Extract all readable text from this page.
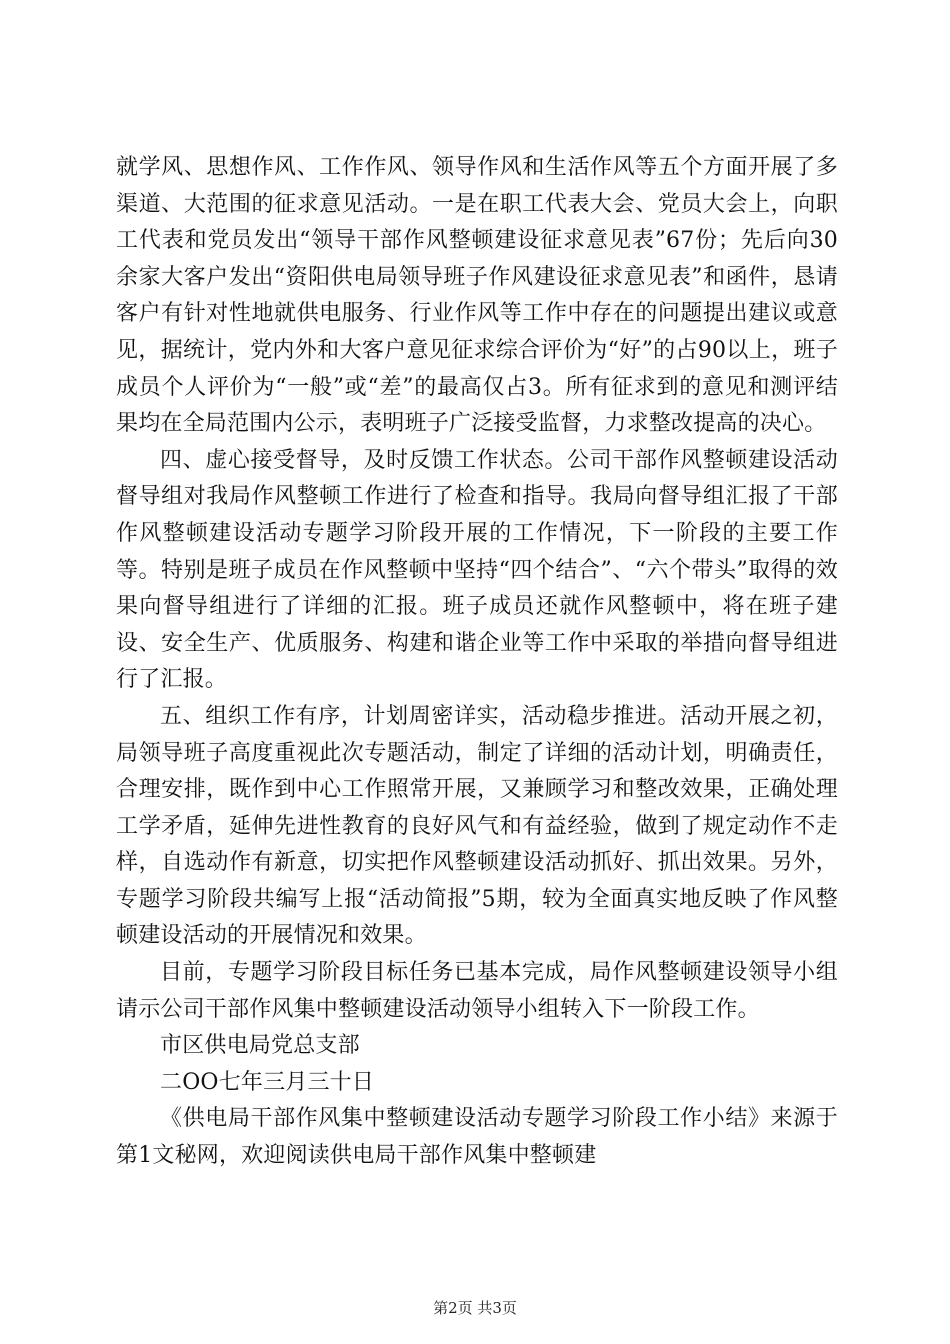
就学风、思想作风、工作作风、领导作风和生活作风等五个方面开展了多渠道、大范围的征求意见活动。一是在职工代表大会、党员大会上，向职工代表和党员发出“领导干部作风整顿建设征求意见表”67份；先后向30余家大客户发出“资阳供电局领导班子作风建设征求意见表”和函件，恳请客户有针对性地就供电服务、行业作风等工作中存在的问题提出建议或意见，据统计，党内外和大客户意见征求综合评价为“好”的占90以上，班子成员个人评价为“一般”或“差”的最高仅占3。所有征求到的意见和测评结果均在全局范围内公示，表明班子广泛接受监督，力求整改提高的决心。

四、虚心接受督导，及时反馈工作状态。公司干部作风整顿建设活动督导组对我局作风整顿工作进行了检查和指导。我局向督导组汇报了干部作风整顿建设活动专题学习阶段开展的工作情况，下一阶段的主要工作等。特别是班子成员在作风整顿中坚持“四个结合”、“六个带头”取得的效果向督导组进行了详细的汇报。班子成员还就作风整顿中，将在班子建设、安全生产、优质服务、构建和谐企业等工作中采取的举措向督导组进行了汇报。

五、组织工作有序，计划周密详实，活动稳步推进。活动开展之初，局领导班子高度重视此次专题活动，制定了详细的活动计划，明确责任，合理安排，既作到中心工作照常开展，又兼顾学习和整改效果，正确处理工学矛盾，延伸先进性教育的良好风气和有益经验，做到了规定动作不走样，自选动作有新意，切实把作风整顿建设活动抓好、抓出效果。另外，专题学习阶段共编写上报“活动简报”5期，较为全面真实地反映了作风整顿建设活动的开展情况和效果。

目前，专题学习阶段目标任务已基本完成，局作风整顿建设领导小组请示公司干部作风集中整顿建设活动领导小组转入下一阶段工作。

市区供电局党总支部

二ОО七年三月三十日

《供电局干部作风集中整顿建设活动专题学习阶段工作小结》来源于第1文秘网，欢迎阅读供电局干部作风集中整顿建

第2页 共3页
